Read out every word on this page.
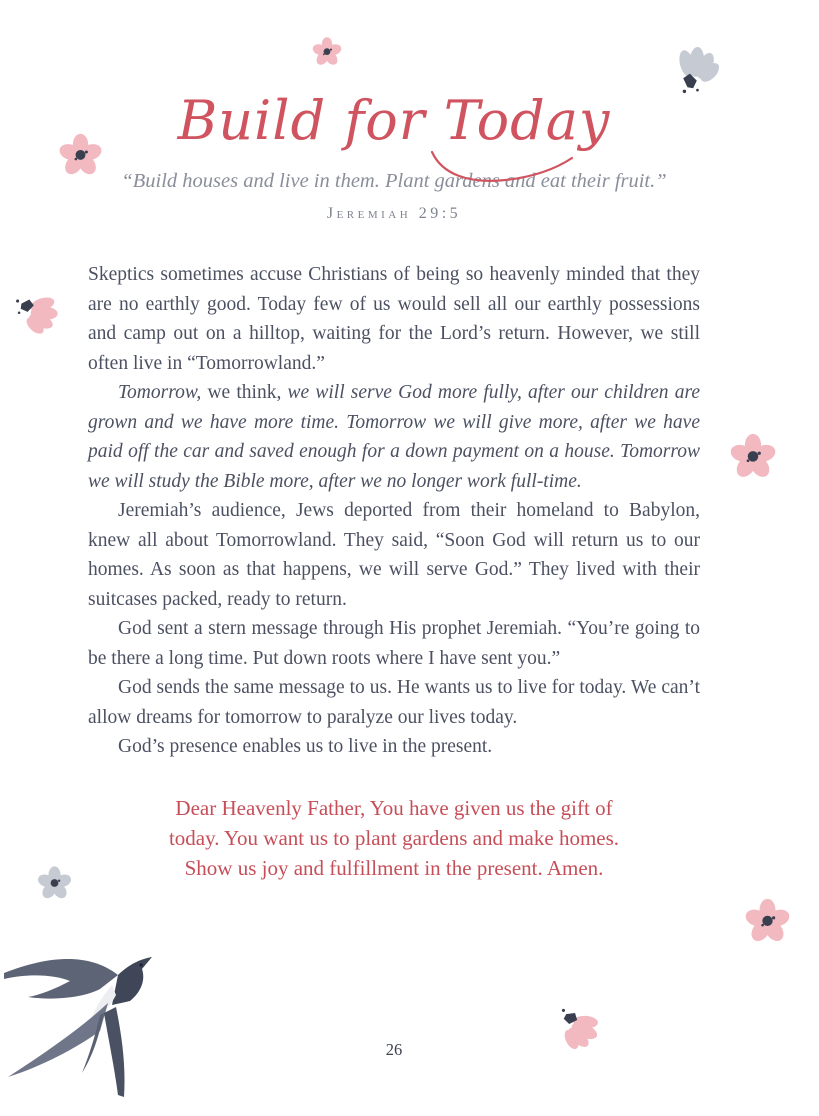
Build for Today
“Build houses and live in them. Plant gardens and eat their fruit.”
Jeremiah 29:5

Skeptics sometimes accuse Christians of being so heavenly minded that they are no earthly good. Today few of us would sell all our earthly possessions and camp out on a hilltop, waiting for the Lord’s return. However, we still often live in “Tomorrowland.”

Tomorrow, we think, we will serve God more fully, after our children are grown and we have more time. Tomorrow we will give more, after we have paid off the car and saved enough for a down payment on a house. Tomorrow we will study the Bible more, after we no longer work full-time.

Jeremiah’s audience, Jews deported from their homeland to Babylon, knew all about Tomorrowland. They said, “Soon God will return us to our homes. As soon as that happens, we will serve God.” They lived with their suitcases packed, ready to return.

God sent a stern message through His prophet Jeremiah. “You’re going to be there a long time. Put down roots where I have sent you.”

God sends the same message to us. He wants us to live for today. We can’t allow dreams for tomorrow to paralyze our lives today.

God’s presence enables us to live in the present.

Dear Heavenly Father, You have given us the gift of
today. You want us to plant gardens and make homes.
Show us joy and fulfillment in the present. Amen.
26
